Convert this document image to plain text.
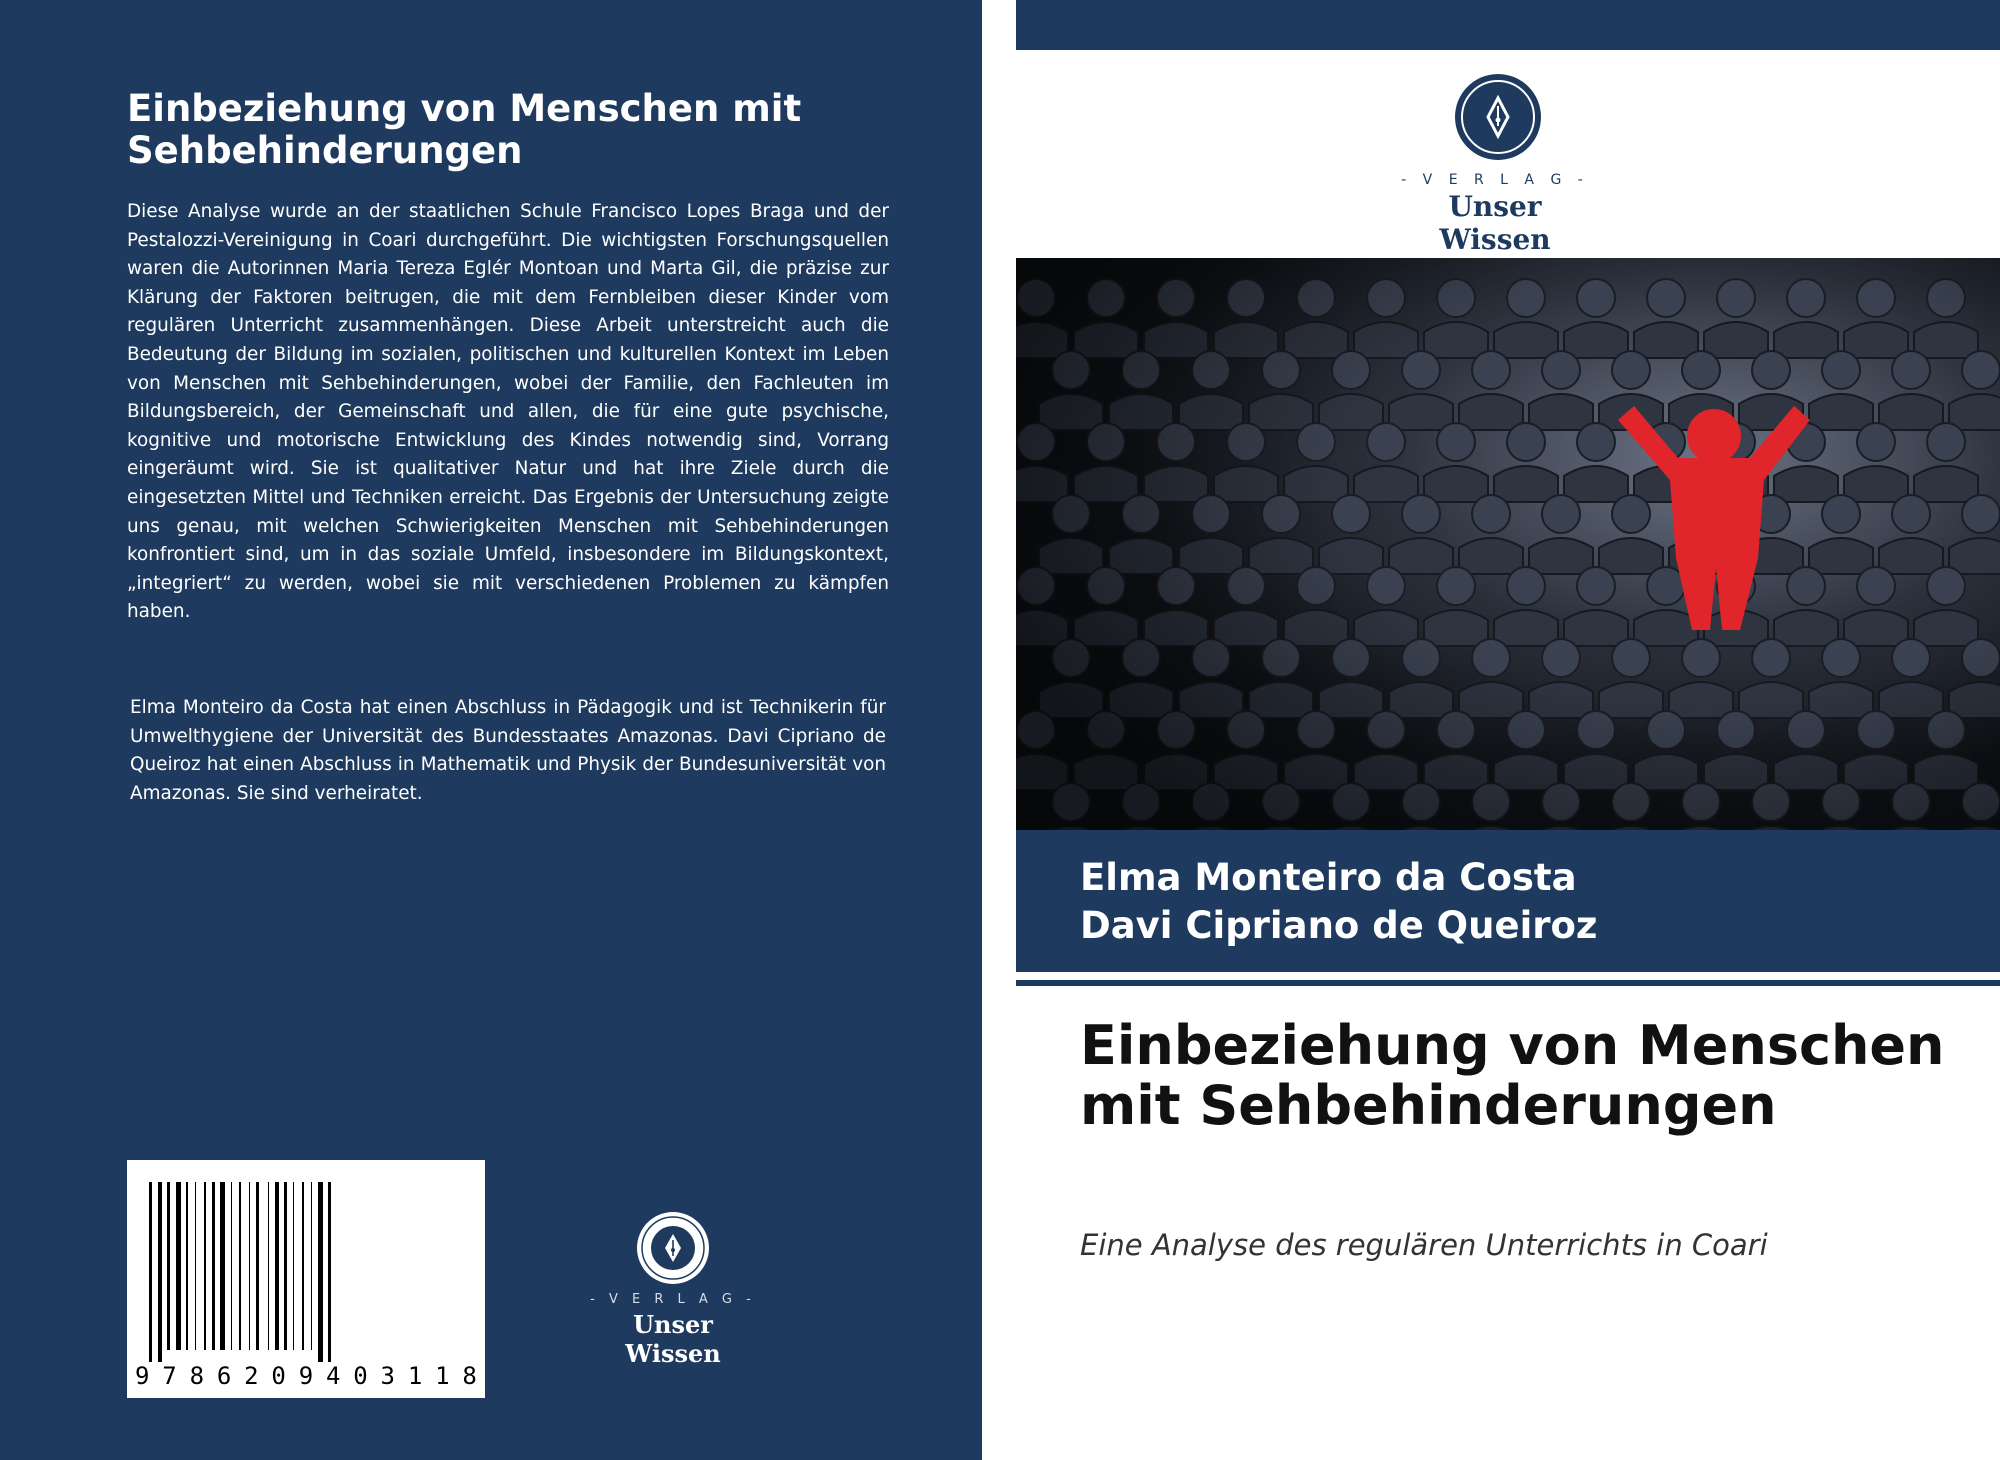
Einbeziehung von Menschen mit Sehbehinderungen

Diese Analyse wurde an der staatlichen Schule Francisco Lopes Braga und der Pestalozzi-Vereinigung in Coari durchgeführt. Die wichtigsten Forschungsquellen waren die Autorinnen Maria Tereza Eglér Montoan und Marta Gil, die präzise zur Klärung der Faktoren beitrugen, die mit dem Fernbleiben dieser Kinder vom regulären Unterricht zusammenhängen. Diese Arbeit unterstreicht auch die Bedeutung der Bildung im sozialen, politischen und kulturellen Kontext im Leben von Menschen mit Sehbehinderungen, wobei der Familie, den Fachleuten im Bildungsbereich, der Gemeinschaft und allen, die für eine gute psychische, kognitive und motorische Entwicklung des Kindes notwendig sind, Vorrang eingeräumt wird. Sie ist qualitativer Natur und hat ihre Ziele durch die eingesetzten Mittel und Techniken erreicht. Das Ergebnis der Untersuchung zeigte uns genau, mit welchen Schwierigkeiten Menschen mit Sehbehinderungen konfrontiert sind, um in das soziale Umfeld, insbesondere im Bildungskontext, „integriert“ zu werden, wobei sie mit verschiedenen Problemen zu kämpfen haben.

Elma Monteiro da Costa hat einen Abschluss in Pädagogik und ist Technikerin für Umwelthygiene der Universität des Bundesstaates Amazonas. Davi Cipriano de Queiroz hat einen Abschluss in Mathematik und Physik der Bundesuniversität von Amazonas. Sie sind verheiratet.

9 7 8 6 2 0 9 4 0 3 1 1 8
- V E R L A G -
Unser Wissen
- V E R L A G -
Unser Wissen
Elma Monteiro da Costa
Davi Cipriano de Queiroz
Einbeziehung von Menschen mit Sehbehinderungen

Eine Analyse des regulären Unterrichts in Coari
